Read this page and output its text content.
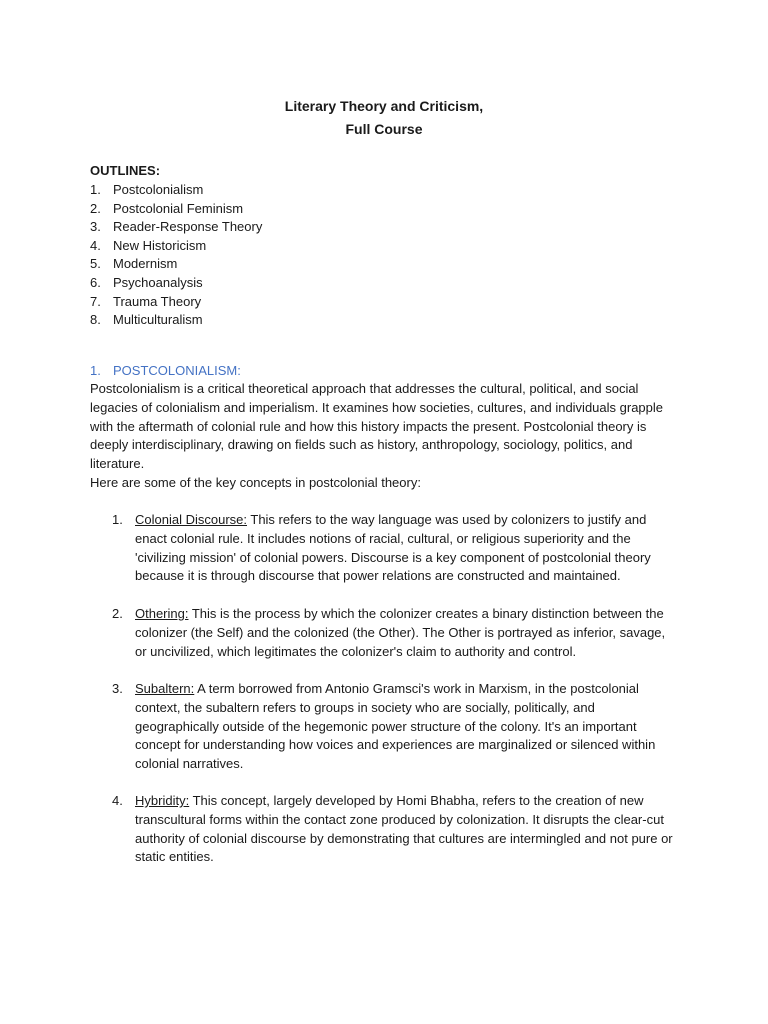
Literary Theory and Criticism,
Full Course
OUTLINES:
1. Postcolonialism
2. Postcolonial Feminism
3. Reader-Response Theory
4. New Historicism
5. Modernism
6. Psychoanalysis
7. Trauma Theory
8. Multiculturalism
1. POSTCOLONIALISM:

Postcolonialism is a critical theoretical approach that addresses the cultural, political, and social legacies of colonialism and imperialism. It examines how societies, cultures, and individuals grapple with the aftermath of colonial rule and how this history impacts the present. Postcolonial theory is deeply interdisciplinary, drawing on fields such as history, anthropology, sociology, politics, and literature.

Here are some of the key concepts in postcolonial theory:

1. Colonial Discourse: This refers to the way language was used by colonizers to justify and enact colonial rule. It includes notions of racial, cultural, or religious superiority and the 'civilizing mission' of colonial powers. Discourse is a key component of postcolonial theory because it is through discourse that power relations are constructed and maintained.
2. Othering: This is the process by which the colonizer creates a binary distinction between the colonizer (the Self) and the colonized (the Other). The Other is portrayed as inferior, savage, or uncivilized, which legitimates the colonizer's claim to authority and control.
3. Subaltern: A term borrowed from Antonio Gramsci's work in Marxism, in the postcolonial context, the subaltern refers to groups in society who are socially, politically, and geographically outside of the hegemonic power structure of the colony. It's an important concept for understanding how voices and experiences are marginalized or silenced within colonial narratives.
4. Hybridity: This concept, largely developed by Homi Bhabha, refers to the creation of new transcultural forms within the contact zone produced by colonization. It disrupts the clear-cut authority of colonial discourse by demonstrating that cultures are intermingled and not pure or static entities.
